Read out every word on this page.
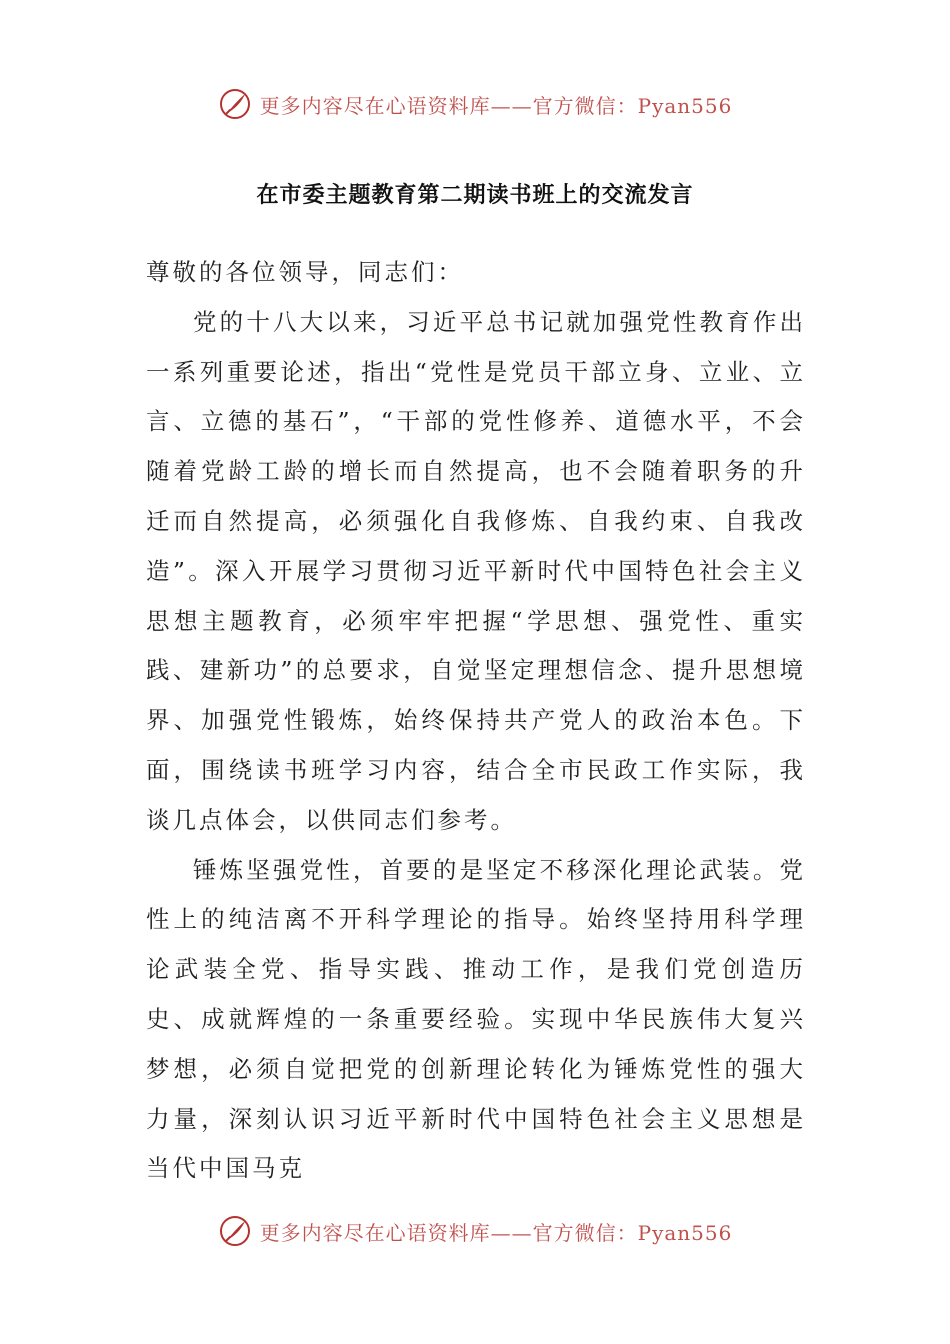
更多内容尽在心语资料库——官方微信：Pyan556
在市委主题教育第二期读书班上的交流发言

尊敬的各位领导，同志们：

党的十八大以来，习近平总书记就加强党性教育作出一系列重要论述，指出“党性是党员干部立身、立业、立言、立德的基石”，“干部的党性修养、道德水平，不会随着党龄工龄的增长而自然提高，也不会随着职务的升迁而自然提高，必须强化自我修炼、自我约束、自我改造”。深入开展学习贯彻习近平新时代中国特色社会主义思想主题教育，必须牢牢把握“学思想、强党性、重实践、建新功”的总要求，自觉坚定理想信念、提升思想境界、加强党性锻炼，始终保持共产党人的政治本色。下面，围绕读书班学习内容，结合全市民政工作实际，我谈几点体会，以供同志们参考。

锤炼坚强党性，首要的是坚定不移深化理论武装。党性上的纯洁离不开科学理论的指导。始终坚持用科学理论武装全党、指导实践、推动工作，是我们党创造历史、成就辉煌的一条重要经验。实现中华民族伟大复兴梦想，必须自觉把党的创新理论转化为锤炼党性的强大力量，深刻认识习近平新时代中国特色社会主义思想是当代中国马克

更多内容尽在心语资料库——官方微信：Pyan556
